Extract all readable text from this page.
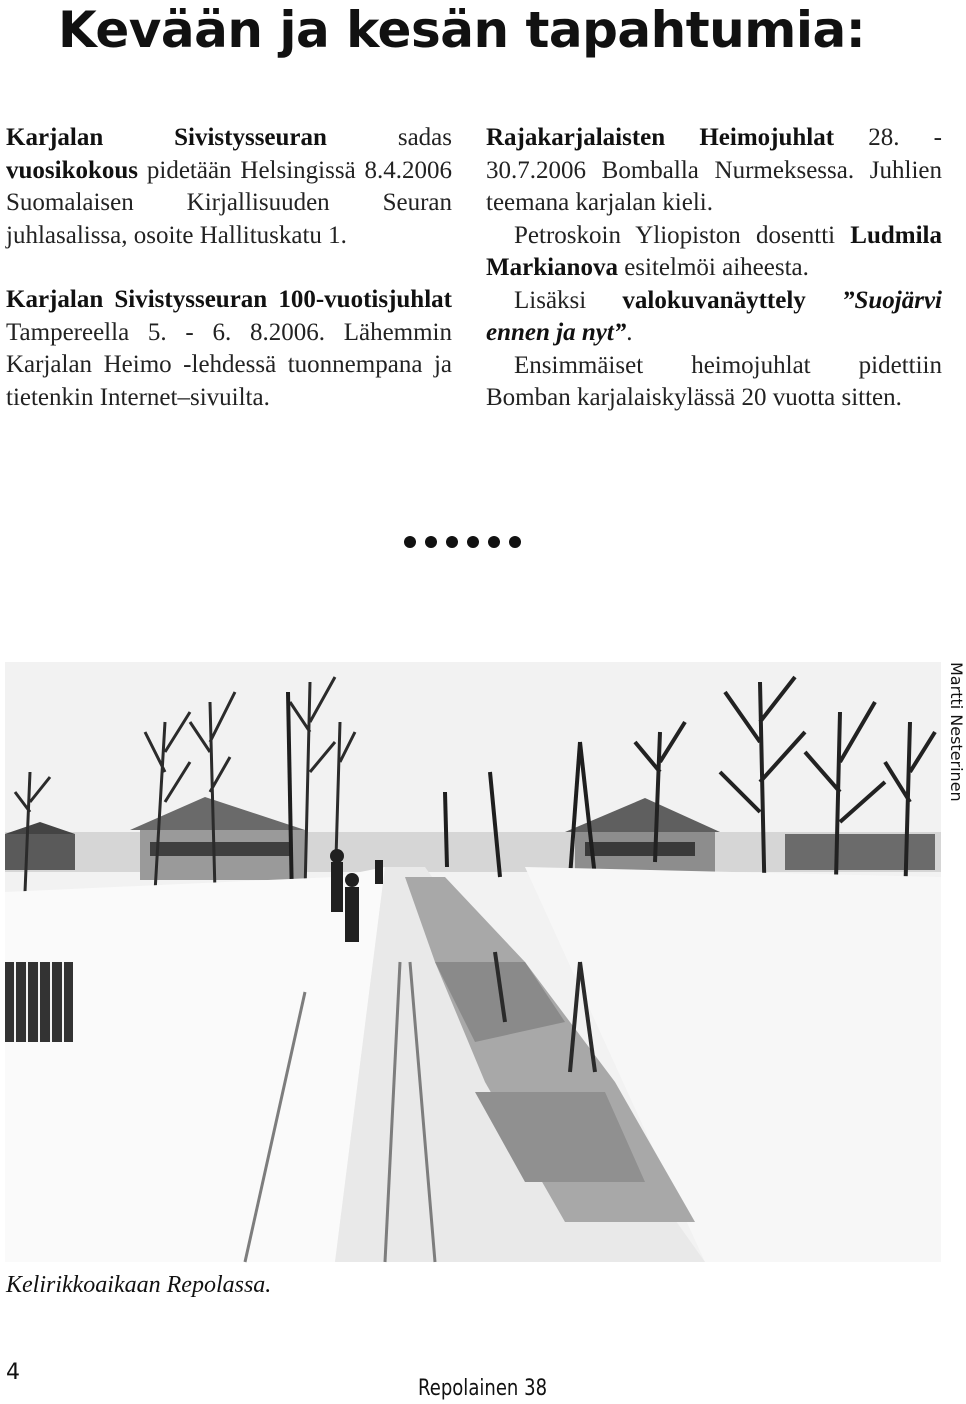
Kevään ja kesän tapahtumia:

Karjalan Sivistysseuran sadas vuosikokous pidetään Helsingissä 8.4.2006 Suomalaisen Kirjallisuuden Seuran juhlasalissa, osoite Hallituskatu 1.

Karjalan Sivistysseuran 100-vuotisjuhlat Tampereella 5. - 6. 8.2006. Lähemmin Karjalan Heimo -lehdessä tuonnempana ja tietenkin Internet–sivuilta.

Rajakarjalaisten Heimojuhlat 28. - 30.7.2006 Bomballa Nurmeksessa. Juhlien teemana karjalan kieli.

Petroskoin Yliopiston dosentti Ludmila Markianova esitelmöi aiheesta.

Lisäksi valokuvanäyttely ”Suojärvi ennen ja nyt”.

Ensimmäiset heimojuhlat pidettiin Bomban karjalaiskylässä 20 vuotta sitten.

Martti Nesterinen
Kelirikkoaikaan Repolassa.
4
Repolainen 38
